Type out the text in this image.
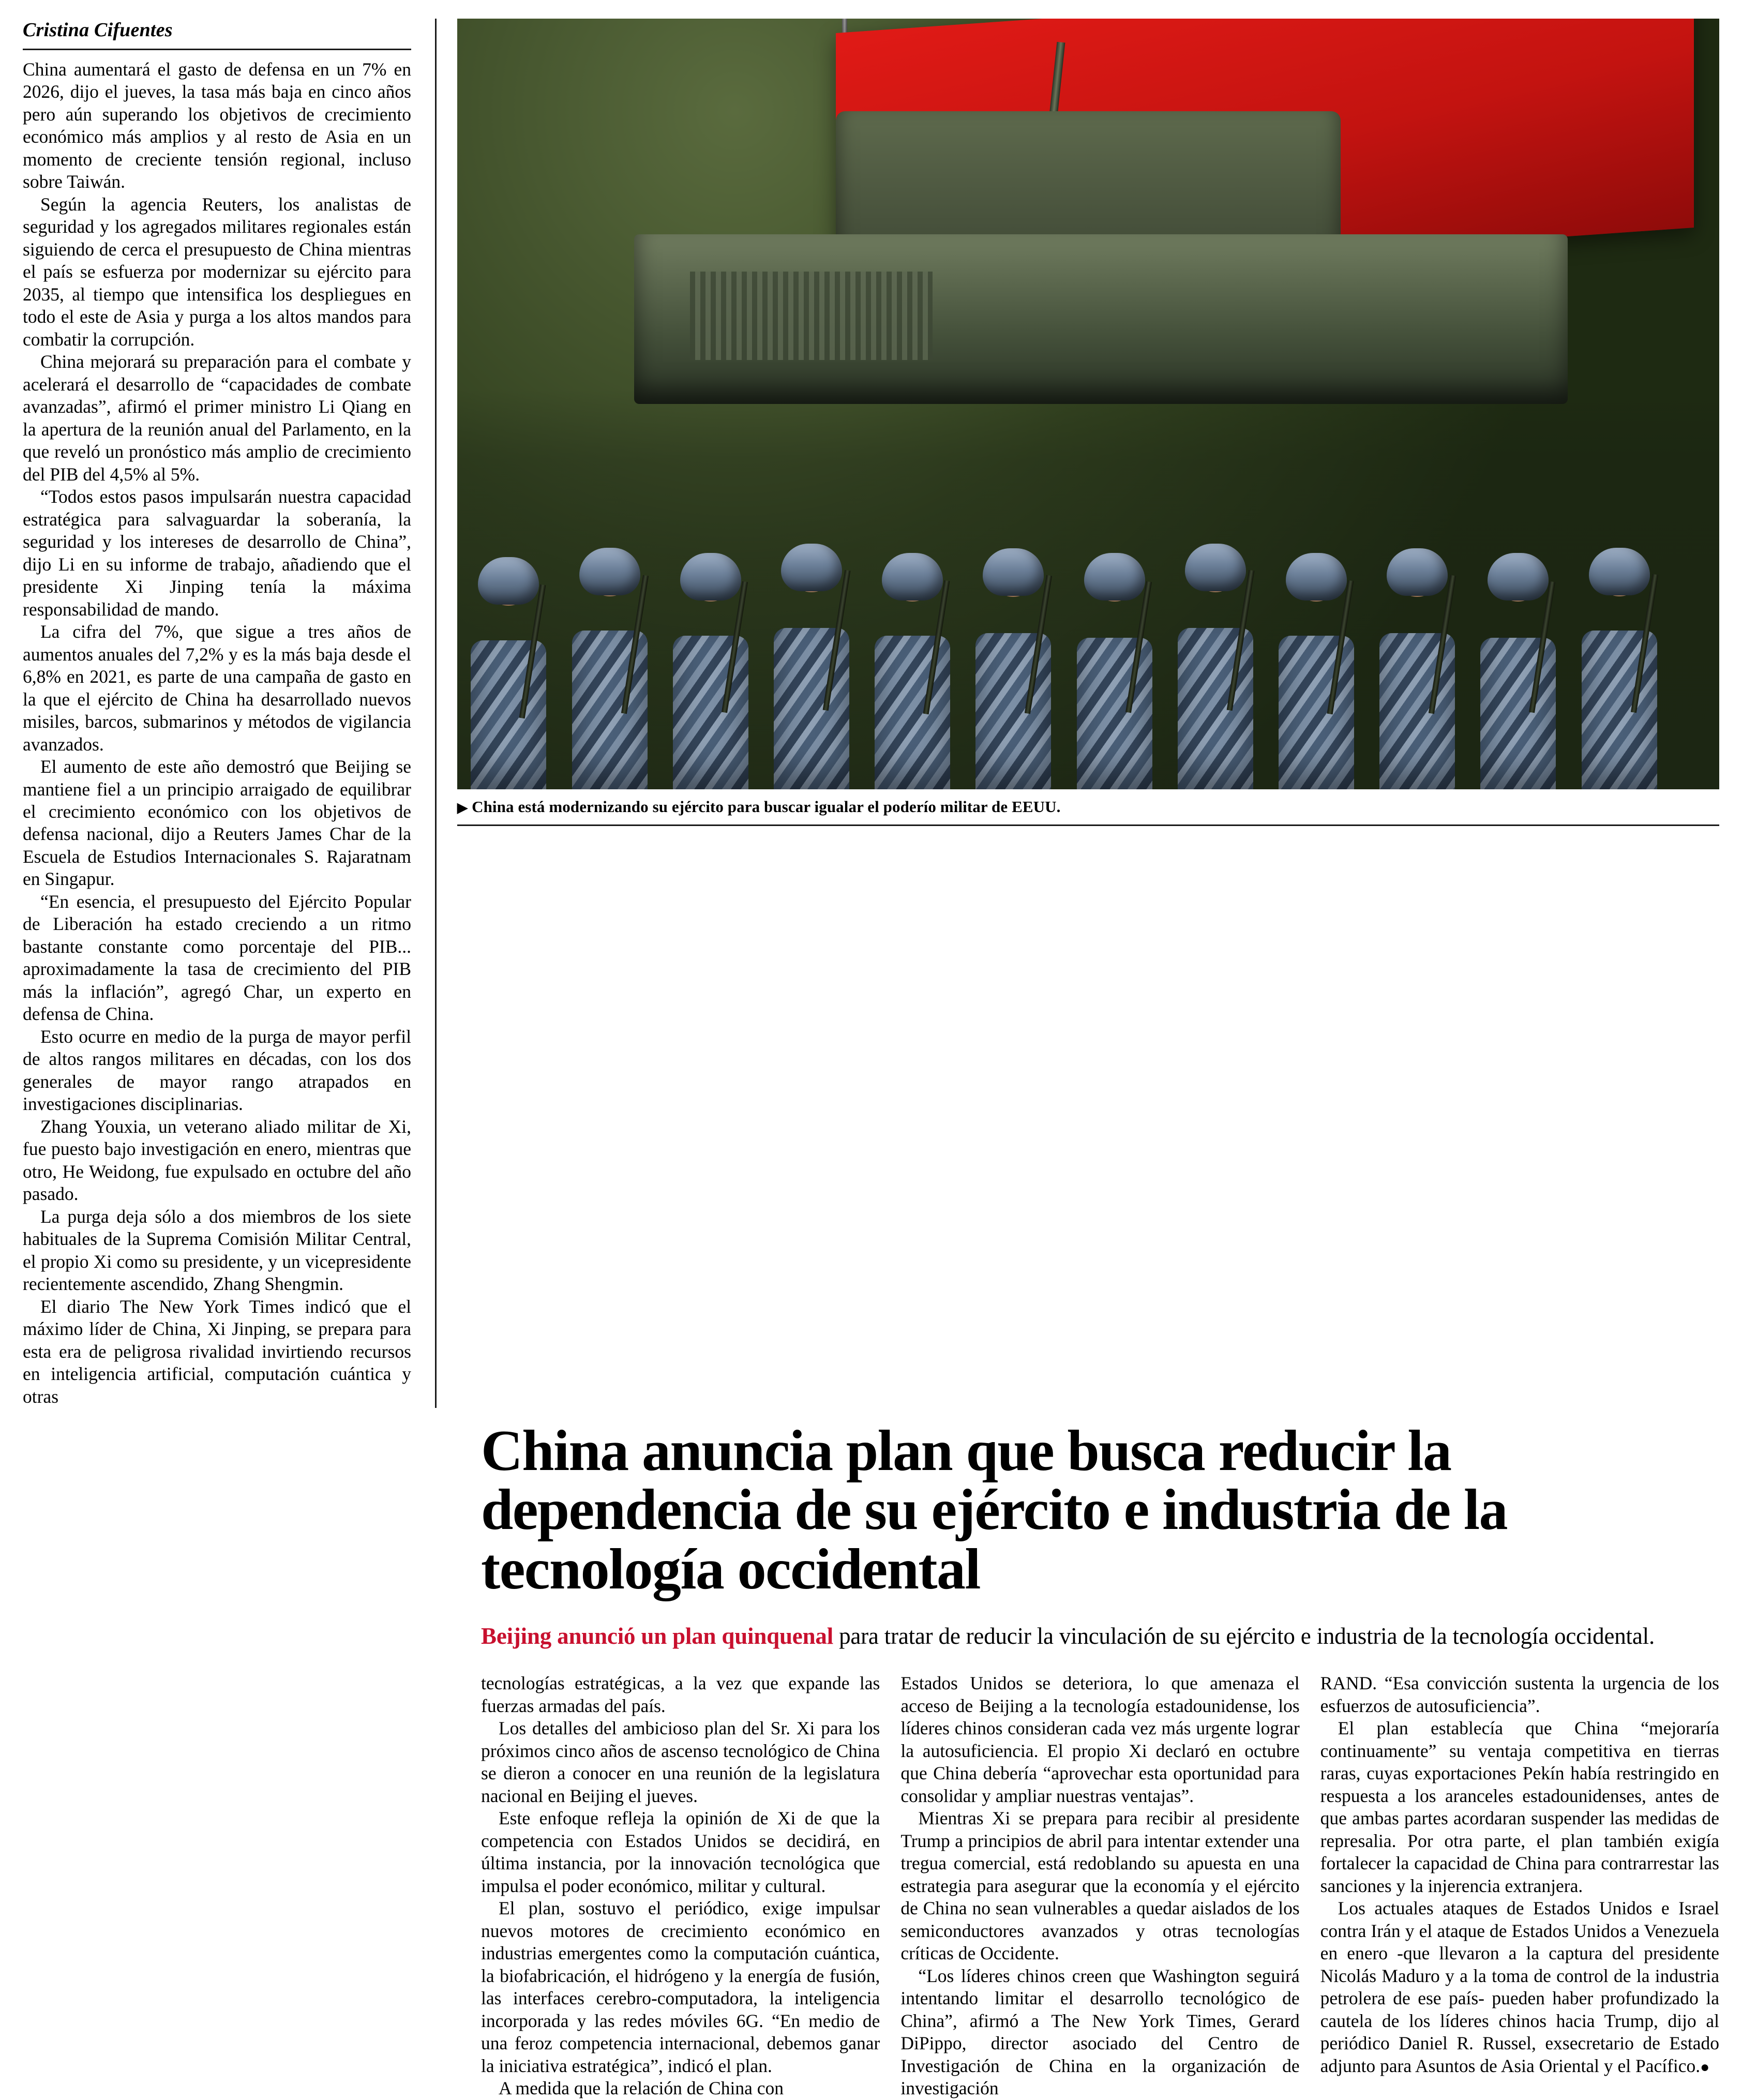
Cristina Cifuentes

China aumentará el gasto de defensa en un 7% en 2026, dijo el jueves, la tasa más baja en cinco años pero aún superando los objetivos de crecimiento económico más amplios y al resto de Asia en un momento de creciente tensión regional, incluso sobre Taiwán.

Según la agencia Reuters, los analistas de seguridad y los agregados militares regionales están siguiendo de cerca el presupuesto de China mientras el país se esfuerza por modernizar su ejército para 2035, al tiempo que intensifica los despliegues en todo el este de Asia y purga a los altos mandos para combatir la corrupción.

China mejorará su preparación para el combate y acelerará el desarrollo de “capacidades de combate avanzadas”, afirmó el primer ministro Li Qiang en la apertura de la reunión anual del Parlamento, en la que reveló un pronóstico más amplio de crecimiento del PIB del 4,5% al 5%.

“Todos estos pasos impulsarán nuestra capacidad estratégica para salvaguardar la soberanía, la seguridad y los intereses de desarrollo de China”, dijo Li en su informe de trabajo, añadiendo que el presidente Xi Jinping tenía la máxima responsabilidad de mando.

La cifra del 7%, que sigue a tres años de aumentos anuales del 7,2% y es la más baja desde el 6,8% en 2021, es parte de una campaña de gasto en la que el ejército de China ha desarrollado nuevos misiles, barcos, submarinos y métodos de vigilancia avanzados.

El aumento de este año demostró que Beijing se mantiene fiel a un principio arraigado de equilibrar el crecimiento económico con los objetivos de defensa nacional, dijo a Reuters James Char de la Escuela de Estudios Internacionales S. Rajaratnam en Singapur.

“En esencia, el presupuesto del Ejército Popular de Liberación ha estado creciendo a un ritmo bastante constante como porcentaje del PIB... aproximadamente la tasa de crecimiento del PIB más la inflación”, agregó Char, un experto en defensa de China.

Esto ocurre en medio de la purga de mayor perfil de altos rangos militares en décadas, con los dos generales de mayor rango atrapados en investigaciones disciplinarias.

Zhang Youxia, un veterano aliado militar de Xi, fue puesto bajo investigación en enero, mientras que otro, He Weidong, fue expulsado en octubre del año pasado.

La purga deja sólo a dos miembros de los siete habituales de la Suprema Comisión Militar Central, el propio Xi como su presidente, y un vicepresidente recientemente ascendido, Zhang Shengmin.

El diario The New York Times indicó que el máximo líder de China, Xi Jinping, se prepara para esta era de peligrosa rivalidad invirtiendo recursos en inteligencia artificial, computación cuántica y otras

▶ China está modernizando su ejército para buscar igualar el poderío militar de EEUU.
China anuncia plan que busca reducir la dependencia de su ejército e industria de la tecnología occidental
Beijing anunció un plan quinquenal para tratar de reducir la vinculación de su ejército e industria de la tecnología occidental.

tecnologías estratégicas, a la vez que expande las fuerzas armadas del país.

Los detalles del ambicioso plan del Sr. Xi para los próximos cinco años de ascenso tecnológico de China se dieron a conocer en una reunión de la legislatura nacional en Beijing el jueves.

Este enfoque refleja la opinión de Xi de que la competencia con Estados Unidos se decidirá, en última instancia, por la innovación tecnológica que impulsa el poder económico, militar y cultural.

El plan, sostuvo el periódico, exige impulsar nuevos motores de crecimiento económico en industrias emergentes como la computación cuántica, la biofabricación, el hidrógeno y la energía de fusión, las interfaces cerebro-computadora, la inteligencia incorporada y las redes móviles 6G. “En medio de una feroz competencia internacional, debemos ganar la iniciativa estratégica”, indicó el plan.

A medida que la relación de China con

Estados Unidos se deteriora, lo que amenaza el acceso de Beijing a la tecnología estadounidense, los líderes chinos consideran cada vez más urgente lograr la autosuficiencia. El propio Xi declaró en octubre que China debería “aprovechar esta oportunidad para consolidar y ampliar nuestras ventajas”.

Mientras Xi se prepara para recibir al presidente Trump a principios de abril para intentar extender una tregua comercial, está redoblando su apuesta en una estrategia para asegurar que la economía y el ejército de China no sean vulnerables a quedar aislados de los semiconductores avanzados y otras tecnologías críticas de Occidente.

“Los líderes chinos creen que Washington seguirá intentando limitar el desarrollo tecnológico de China”, afirmó a The New York Times, Gerard DiPippo, director asociado del Centro de Investigación de China en la organización de investigación

RAND. “Esa convicción sustenta la urgencia de los esfuerzos de autosuficiencia”.

El plan establecía que China “mejoraría continuamente” su ventaja competitiva en tierras raras, cuyas exportaciones Pekín había restringido en respuesta a los aranceles estadounidenses, antes de que ambas partes acordaran suspender las medidas de represalia. Por otra parte, el plan también exigía fortalecer la capacidad de China para contrarrestar las sanciones y la injerencia extranjera.

Los actuales ataques de Estados Unidos e Israel contra Irán y el ataque de Estados Unidos a Venezuela en enero -que llevaron a la captura del presidente Nicolás Maduro y a la toma de control de la industria petrolera de ese país- pueden haber profundizado la cautela de los líderes chinos hacia Trump, dijo al periódico Daniel R. Russel, exsecretario de Estado adjunto para Asuntos de Asia Oriental y el Pacífico.●
